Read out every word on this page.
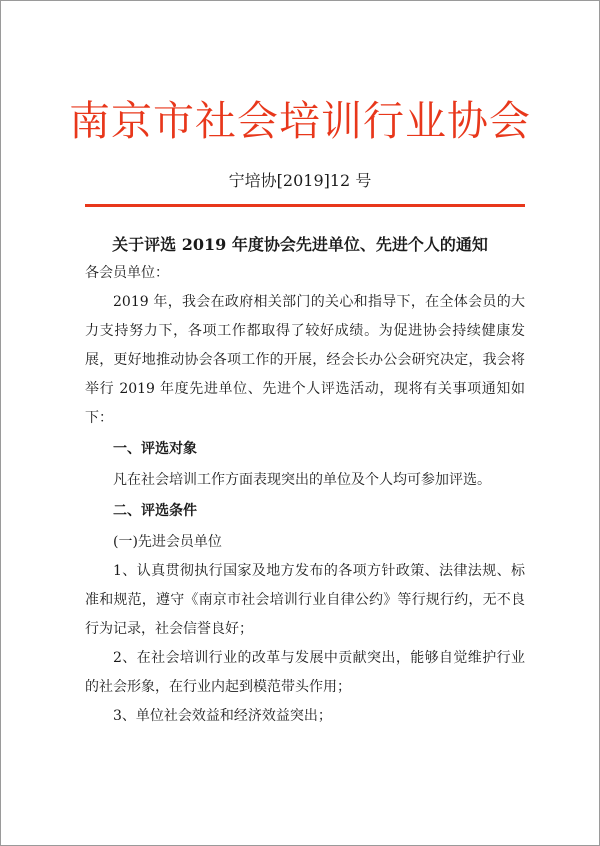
南京市社会培训行业协会
宁培协[2019]12 号
关于评选 2019 年度协会先进单位、先进个人的通知

各会员单位：

2019 年，我会在政府相关部门的关心和指导下，在全体会员的大力支持努力下，各项工作都取得了较好成绩。为促进协会持续健康发展，更好地推动协会各项工作的开展，经会长办公会研究决定，我会将举行 2019 年度先进单位、先进个人评选活动，现将有关事项通知如下：

一、评选对象

凡在社会培训工作方面表现突出的单位及个人均可参加评选。

二、评选条件

(一)先进会员单位

1、认真贯彻执行国家及地方发布的各项方针政策、法律法规、标准和规范，遵守《南京市社会培训行业自律公约》等行规行约，无不良行为记录，社会信誉良好；

2、在社会培训行业的改革与发展中贡献突出，能够自觉维护行业的社会形象，在行业内起到模范带头作用；

3、单位社会效益和经济效益突出；
